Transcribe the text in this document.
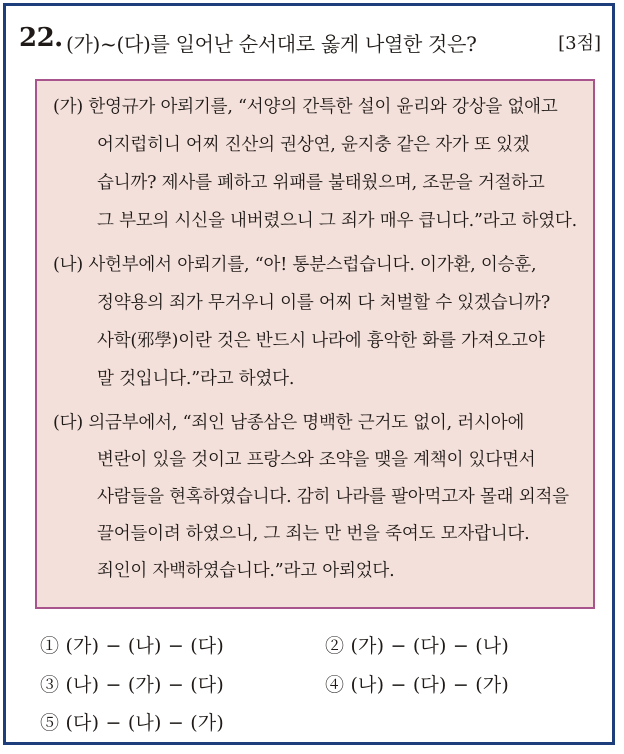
22. (가)~(다)를 일어난 순서대로 옳게 나열한 것은?	[3점]
(가) 한영규가 아뢰기를, “서양의 간특한 설이 윤리와 강상을 없애고
어지럽히니 어찌 진산의 권상연, 윤지충 같은 자가 또 있겠
습니까? 제사를 폐하고 위패를 불태웠으며, 조문을 거절하고
그 부모의 시신을 내버렸으니 그 죄가 매우 큽니다.”라고 하였다.
(나) 사헌부에서 아뢰기를, “아! 통분스럽습니다. 이가환, 이승훈,
정약용의 죄가 무거우니 이를 어찌 다 처벌할 수 있겠습니까?
사학(邪學)이란 것은 반드시 나라에 흉악한 화를 가져오고야
말 것입니다.”라고 하였다.
(다) 의금부에서, “죄인 남종삼은 명백한 근거도 없이, 러시아에
변란이 있을 것이고 프랑스와 조약을 맺을 계책이 있다면서
사람들을 현혹하였습니다. 감히 나라를 팔아먹고자 몰래 외적을
끌어들이려 하였으니, 그 죄는 만 번을 죽여도 모자랍니다.
죄인이 자백하였습니다.”라고 아뢰었다.
① (가) − (나) − (다)	② (가) − (다) − (나)
③ (나) − (가) − (다)	④ (나) − (다) − (가)
⑤ (다) − (나) − (가)
